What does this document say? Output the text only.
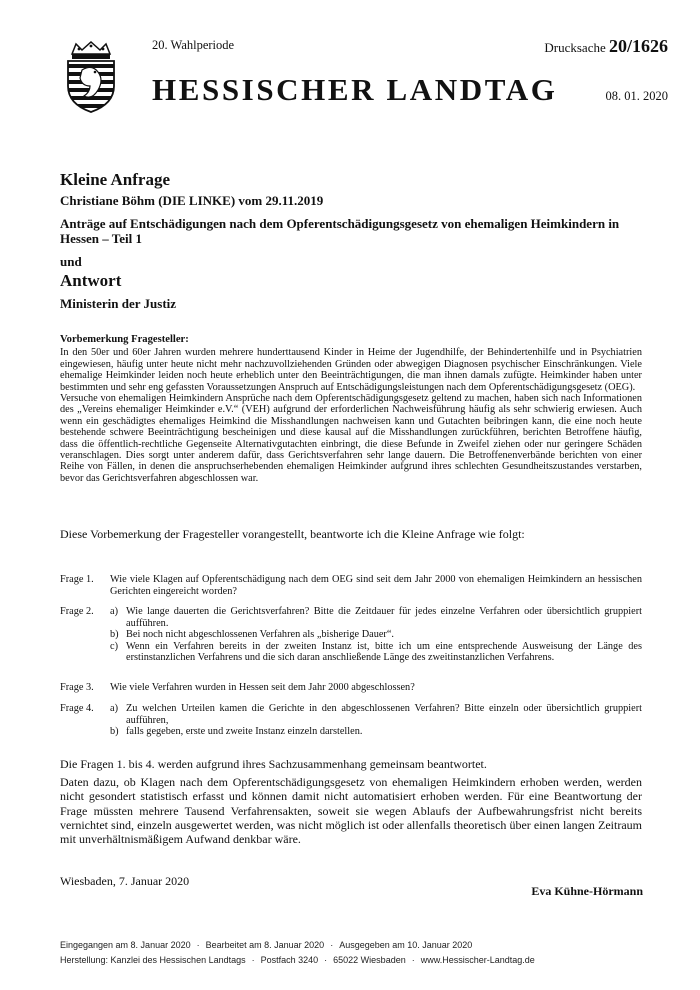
20. Wahlperiode
HESSISCHER LANDTAG
Drucksache 20/1626
08. 01. 2020
Kleine Anfrage
Christiane Böhm (DIE LINKE) vom 29.11.2019
Anträge auf Entschädigungen nach dem Opferentschädigungsgesetz von ehemaligen Heimkindern in Hessen – Teil 1
und
Antwort
Ministerin der Justiz
Vorbemerkung Fragesteller:

In den 50er und 60er Jahren wurden mehrere hunderttausend Kinder in Heime der Jugendhilfe, der Behindertenhilfe und in Psychiatrien eingewiesen, häufig unter heute nicht mehr nachzuvollziehenden Gründen oder abwegigen Diagnosen psychischer Einschränkungen. Viele ehemalige Heimkinder leiden noch heute erheblich unter den Beeinträchtigungen, die man ihnen damals zufügte. Heimkinder haben unter bestimmten und sehr eng gefassten Voraussetzungen Anspruch auf Entschädigungsleistungen nach dem Opferentschädigungsgesetz (OEG).

Versuche von ehemaligen Heimkindern Ansprüche nach dem Opferentschädigungsgesetz geltend zu machen, haben sich nach Informationen des „Vereins ehemaliger Heimkinder e.V.“ (VEH) aufgrund der erforderlichen Nachweisführung häufig als sehr schwierig erwiesen. Auch wenn ein geschädigtes ehemaliges Heimkind die Misshandlungen nachweisen kann und Gutachten beibringen kann, die eine noch heute bestehende schwere Beeinträchtigung bescheinigen und diese kausal auf die Misshandlungen zurückführen, berichten Betroffene häufig, dass die öffentlich-rechtliche Gegenseite Alternativgutachten einbringt, die diese Befunde in Zweifel ziehen oder nur geringere Schäden veranschlagen. Dies sorgt unter anderem dafür, dass Gerichtsverfahren sehr lange dauern. Die Betroffenenverbände berichten von einer Reihe von Fällen, in denen die anspruchserhebenden ehemaligen Heimkinder aufgrund ihres schlechten Gesundheitszustandes verstarben, bevor das Gerichtsverfahren abgeschlossen war.

Diese Vorbemerkung der Fragesteller vorangestellt, beantworte ich die Kleine Anfrage wie folgt:

Frage 1. Wie viele Klagen auf Opferentschädigung nach dem OEG sind seit dem Jahr 2000 von ehemaligen Heimkindern an hessischen Gerichten eingereicht worden?
Frage 2. a) Wie lange dauerten die Gerichtsverfahren? Bitte die Zeitdauer für jedes einzelne Verfahren oder übersichtlich gruppiert aufführen.
b) Bei noch nicht abgeschlossenen Verfahren als „bisherige Dauer“.
c) Wenn ein Verfahren bereits in der zweiten Instanz ist, bitte ich um eine entsprechende Ausweisung der Länge des erstinstanzlichen Verfahrens und die sich daran anschließende Länge des zweitinstanzlichen Verfahrens.
Frage 3. Wie viele Verfahren wurden in Hessen seit dem Jahr 2000 abgeschlossen?
Frage 4. a) Zu welchen Urteilen kamen die Gerichte in den abgeschlossenen Verfahren? Bitte einzeln oder übersichtlich gruppiert aufführen,
b) falls gegeben, erste und zweite Instanz einzeln darstellen.

Die Fragen 1. bis 4. werden aufgrund ihres Sachzusammenhang gemeinsam beantwortet.

Daten dazu, ob Klagen nach dem Opferentschädigungsgesetz von ehemaligen Heimkindern erhoben werden, werden nicht gesondert statistisch erfasst und können damit nicht automatisiert erhoben werden. Für eine Beantwortung der Frage müssten mehrere Tausend Verfahrensakten, soweit sie wegen Ablaufs der Aufbewahrungsfrist nicht bereits vernichtet sind, einzeln ausgewertet werden, was nicht möglich ist oder allenfalls theoretisch über einen langen Zeitraum mit unverhältnismäßigem Aufwand denkbar wäre.

Wiesbaden, 7. Januar 2020
Eva Kühne-Hörmann
Eingegangen am 8. Januar 2020 · Bearbeitet am 8. Januar 2020 · Ausgegeben am 10. Januar 2020
Herstellung: Kanzlei des Hessischen Landtags · Postfach 3240 · 65022 Wiesbaden · www.Hessischer-Landtag.de
